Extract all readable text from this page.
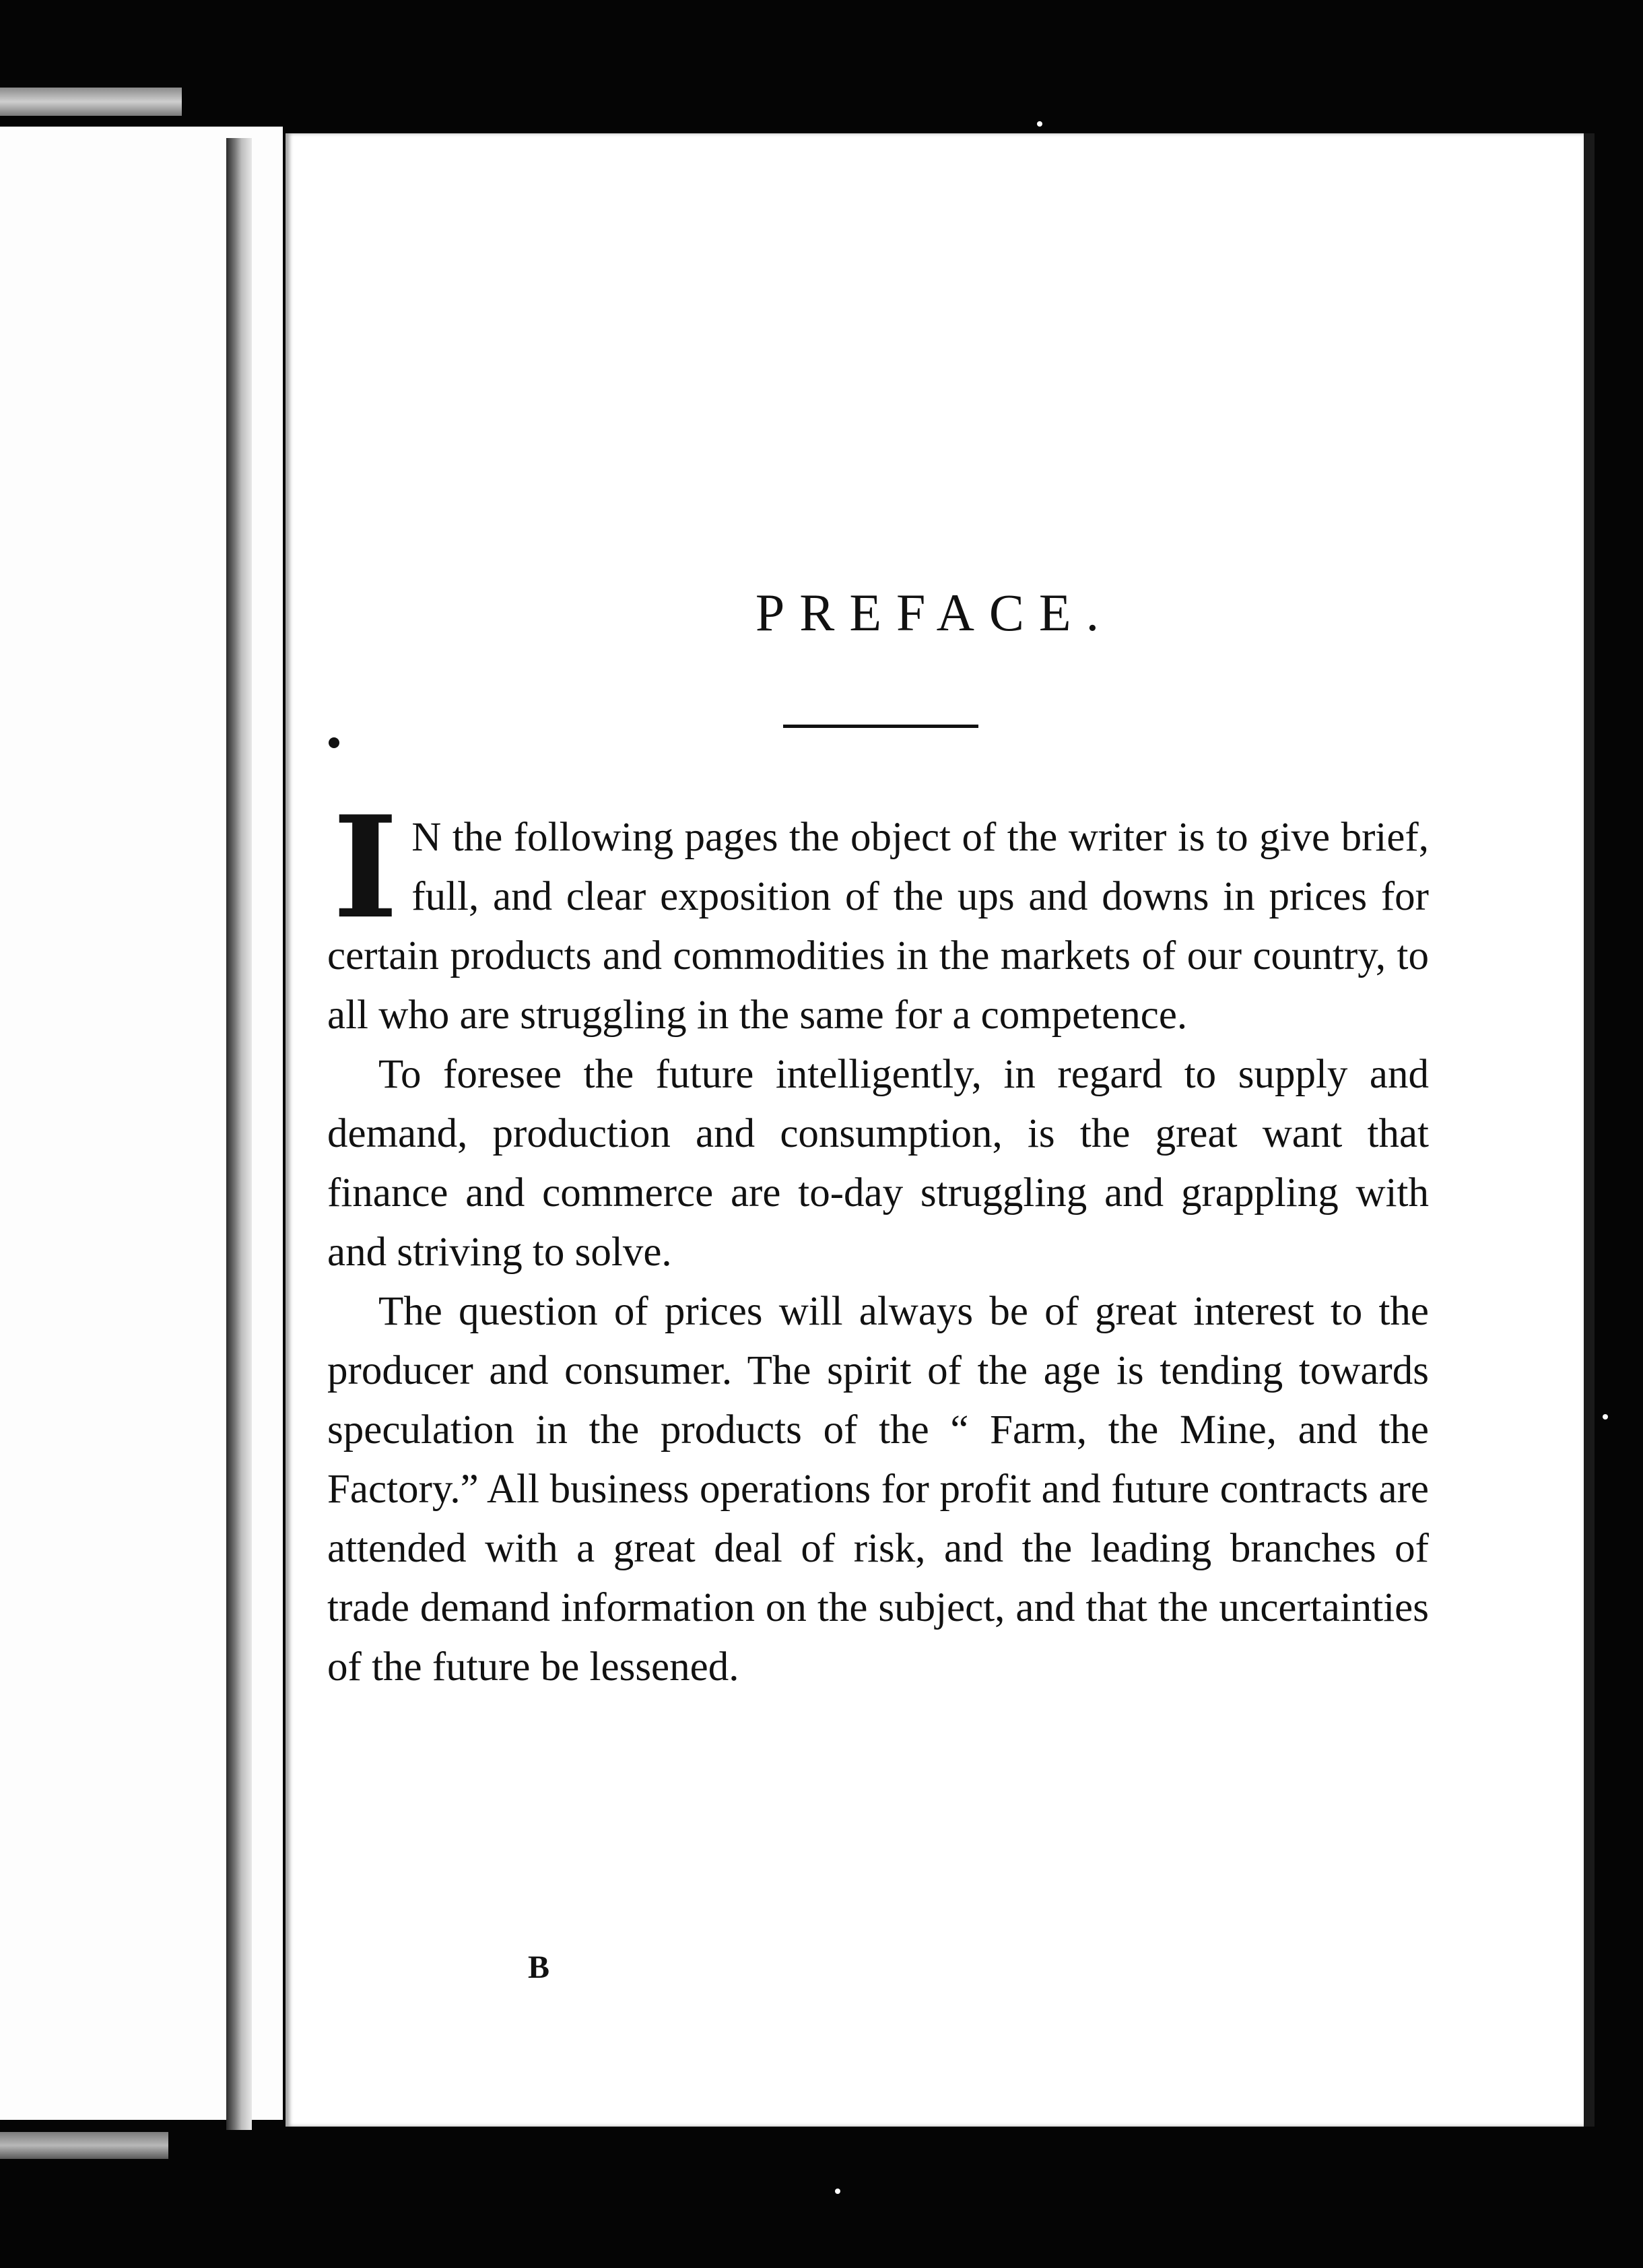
PREFACE.

I N the following pages the object of the writer is to give brief, full, and clear exposition of the ups and downs in prices for certain products and commodities in the markets of our country, to all who are struggling in the same for a competence.

To foresee the future intelligently, in regard to supply and demand, production and consumption, is the great want that finance and commerce are to-day struggling and grappling with and striving to solve.

The question of prices will always be of great interest to the producer and consumer. The spirit of the age is tending towards speculation in the products of the “ Farm, the Mine, and the Factory.” All business operations for profit and future contracts are attended with a great deal of risk, and the leading branches of trade demand information on the subject, and that the uncertainties of the future be lessened.

B
